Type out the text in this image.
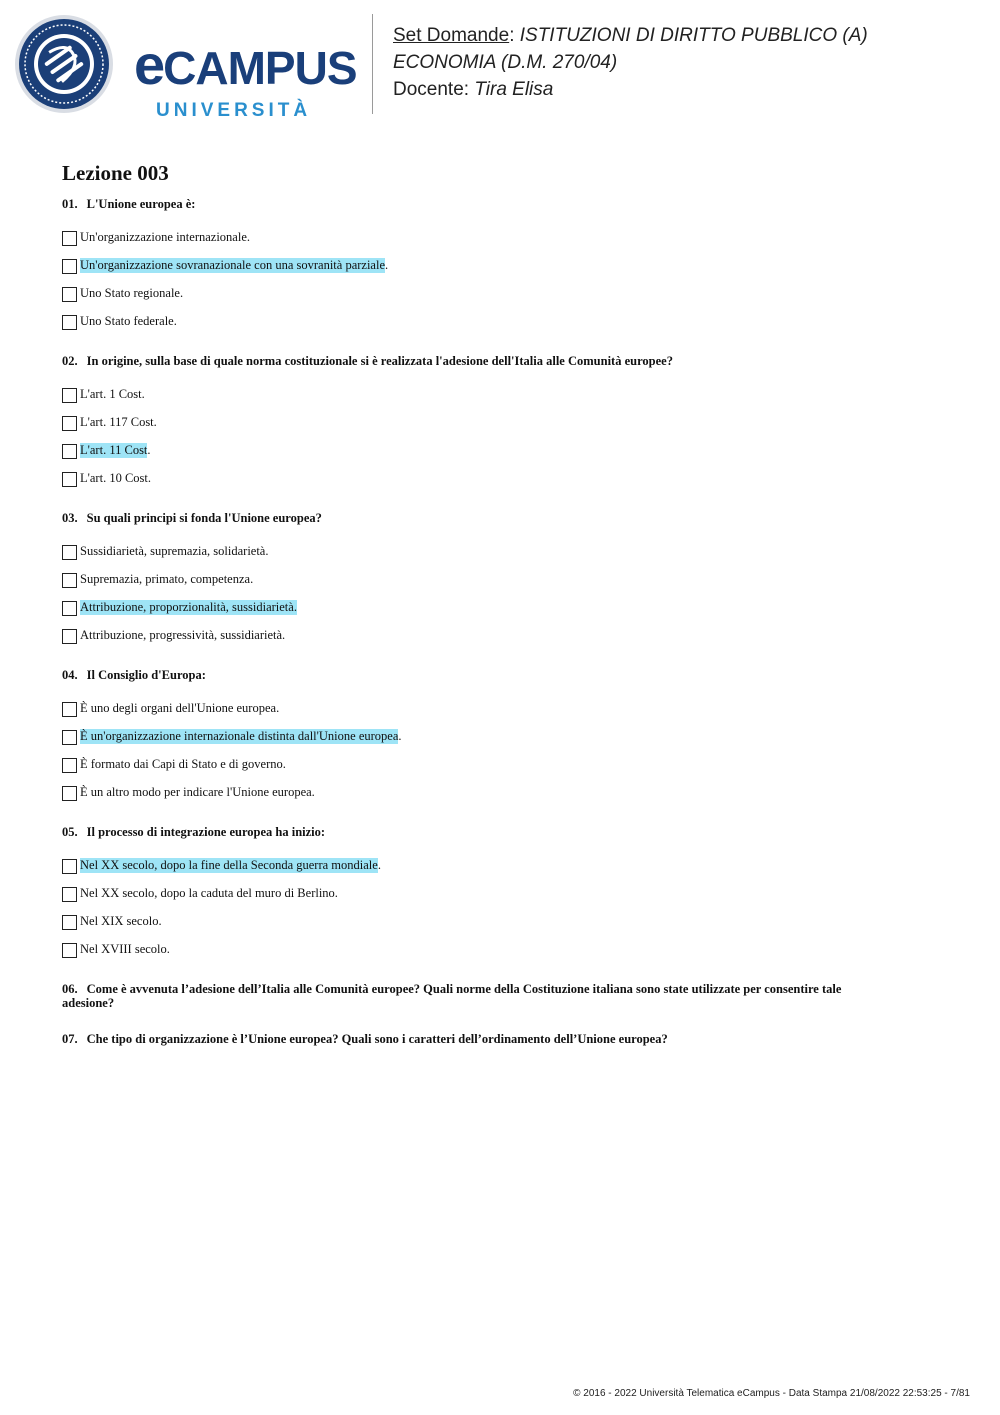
eCAMPUS
UNIVERSITÀ
Set Domande: ISTITUZIONI DI DIRITTO PUBBLICO (A)
ECONOMIA (D.M. 270/04)
Docente: Tira Elisa
Lezione 003
01. L'Unione europea è:
Un'organizzazione internazionale.
Un'organizzazione sovranazionale con una sovranità parziale .
Uno Stato regionale.
Uno Stato federale.
02. In origine, sulla base di quale norma costituzionale si è realizzata l'adesione dell'Italia alle Comunità europee?
L'art. 1 Cost.
L'art. 117 Cost.
L'art. 11 Cost .
L'art. 10 Cost.
03. Su quali principi si fonda l'Unione europea?
Sussidiarietà, supremazia, solidarietà.
Supremazia, primato, competenza.
Attribuzione, proporzionalità, sussidiarietà.
Attribuzione, progressività, sussidiarietà.
04. Il Consiglio d'Europa:
È uno degli organi dell'Unione europea.
È un'organizzazione internazionale distinta dall'Unione europea .
È formato dai Capi di Stato e di governo.
È un altro modo per indicare l'Unione europea.
05. Il processo di integrazione europea ha inizio:
Nel XX secolo, dopo la fine della Seconda guerra mondiale .
Nel XX secolo, dopo la caduta del muro di Berlino.
Nel XIX secolo.
Nel XVIII secolo.
06. Come è avvenuta l’adesione dell’Italia alle Comunità europee? Quali norme della Costituzione italiana sono state utilizzate per consentire tale adesione?
07. Che tipo di organizzazione è l’Unione europea? Quali sono i caratteri dell’ordinamento dell’Unione europea?
© 2016 - 2022 Università Telematica eCampus - Data Stampa 21/08/2022 22:53:25 - 7/81
